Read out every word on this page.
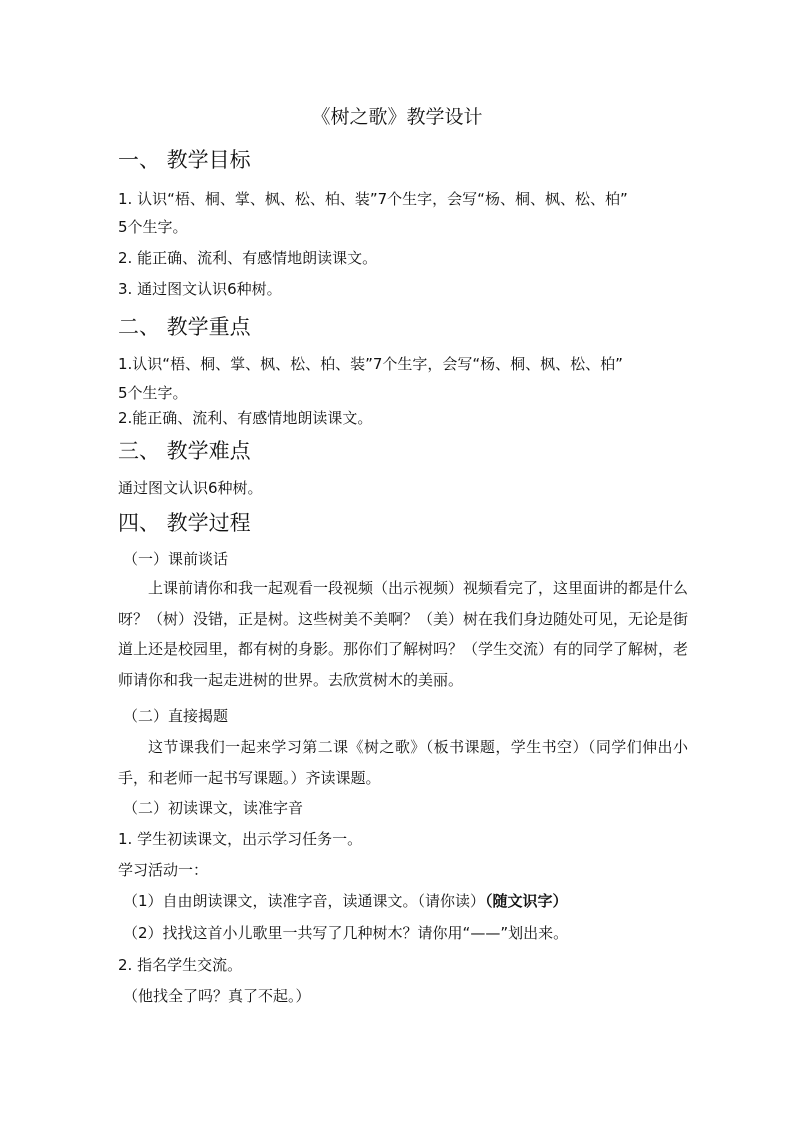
《树之歌》教学设计
一、 教学目标
1. 认识“梧、桐、掌、枫、松、柏、装”7个生字，会写“杨、桐、枫、松、柏”
5个生字。
2. 能正确、流利、有感情地朗读课文。
3. 通过图文认识6种树。
二、 教学重点
1.认识“梧、桐、掌、枫、松、柏、装”7个生字，会写“杨、桐、枫、松、柏”
5个生字。
2.能正确、流利、有感情地朗读课文。
三、 教学难点
通过图文认识6种树。
四、 教学过程
（一）课前谈话
上课前请你和我一起观看一段视频（出示视频）视频看完了，这里面讲的都是什么呀？（树）没错，正是树。这些树美不美啊？（美）树在我们身边随处可见，无论是街道上还是校园里，都有树的身影。那你们了解树吗？（学生交流）有的同学了解树，老师请你和我一起走进树的世界。去欣赏树木的美丽。
（二）直接揭题
这节课我们一起来学习第二课《树之歌》（板书课题，学生书空）（同学们伸出小手，和老师一起书写课题。）齐读课题。
（二）初读课文，读准字音
1. 学生初读课文，出示学习任务一。
学习活动一：
（1）自由朗读课文，读准字音，读通课文。（请你读）（随文识字）
（2）找找这首小儿歌里一共写了几种树木？请你用“——”划出来。
2. 指名学生交流。
（他找全了吗？真了不起。）
